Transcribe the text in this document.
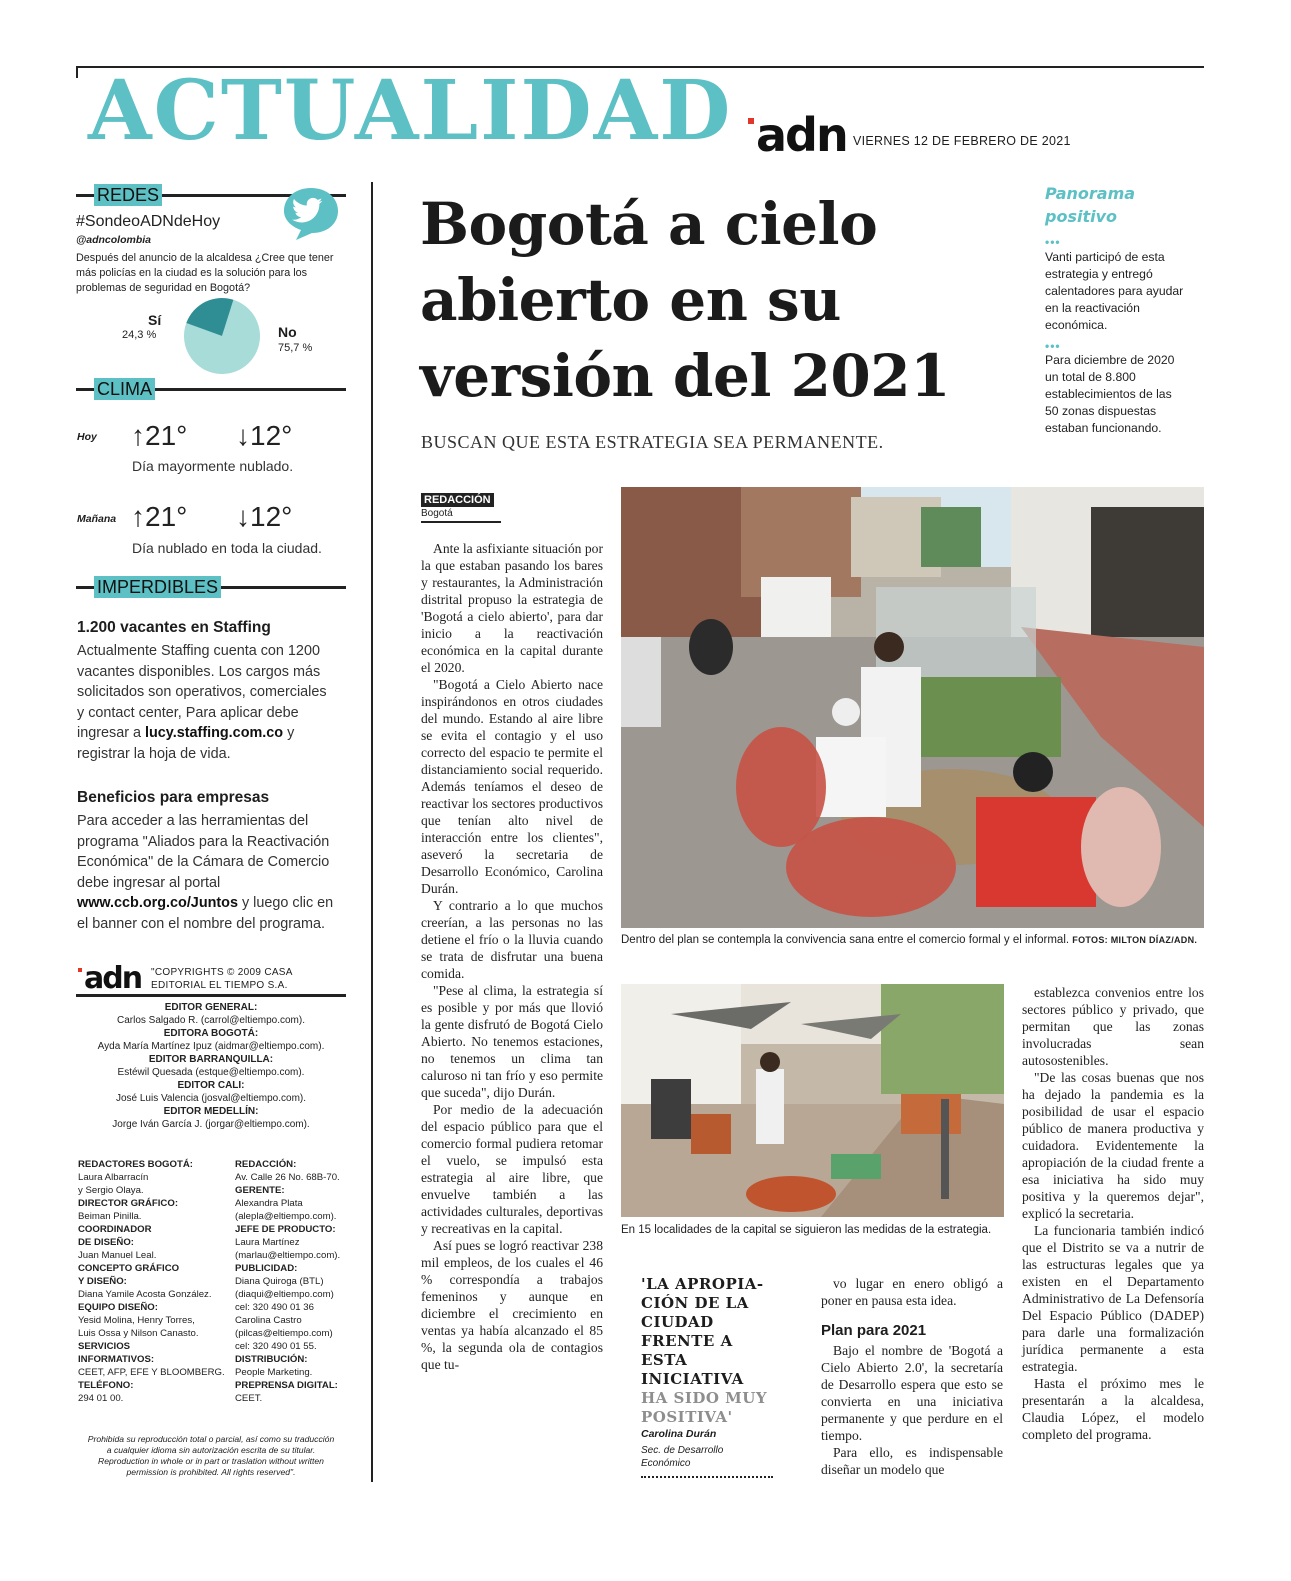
ACTUALIDAD adn VIERNES 12 DE FEBRERO DE 2021
REDES
#SondeoADNdeHoy
@adncolombia
Después del anuncio de la alcaldesa ¿Cree que tener más policías en la ciudad es la solución para los problemas de seguridad en Bogotá?
Sí
24,3 %	No
75,7 %
CLIMA
Hoy ↑21° ↓12°
Día mayormente nublado.
Mañana ↑21° ↓12°
Día nublado en toda la ciudad.
IMPERDIBLES
1.200 vacantes en Staffing
Actualmente Staffing cuenta con 1200
vacantes disponibles. Los cargos más
solicitados son operativos, comerciales
y contact center, Para aplicar debe
ingresar a lucy.staffing.com.co y
registrar la hoja de vida.
Beneficios para empresas
Para acceder a las herramientas del
programa "Aliados para la Reactivación
Económica" de la Cámara de Comercio
debe ingresar al portal
www.ccb.org.co/Juntos y luego clic en
el banner con el nombre del programa.
adn "COPYRIGHTS © 2009 CASA
EDITORIAL EL TIEMPO S.A.
EDITOR GENERAL:
Carlos Salgado R. (carrol@eltiempo.com).
EDITORA BOGOTÁ:
Ayda María Martínez Ipuz (aidmar@eltiempo.com).
EDITOR BARRANQUILLA:
Estéwil Quesada (estque@eltiempo.com).
EDITOR CALI:
José Luis Valencia (josval@eltiempo.com).
EDITOR MEDELLÍN:
Jorge Iván García J. (jorgar@eltiempo.com).
REDACTORES BOGOTÁ:
Laura Albarracín
y Sergio Olaya.
DIRECTOR GRÁFICO:
Beiman Pinilla.
COORDINADOR
DE DISEÑO:
Juan Manuel Leal.
CONCEPTO GRÁFICO
Y DISEÑO:
Diana Yamile Acosta González.
EQUIPO DISEÑO:
Yesid Molina, Henry Torres,
Luis Ossa y Nilson Canasto.
SERVICIOS
INFORMATIVOS:
CEET, AFP, EFE Y BLOOMBERG.
TELÉFONO:
294 01 00.
REDACCIÓN:
Av. Calle 26 No. 68B-70.
GERENTE:
Alexandra Plata
(alepla@eltiempo.com).
JEFE DE PRODUCTO:
Laura Martínez
(marlau@eltiempo.com).
PUBLICIDAD:
Diana Quiroga (BTL)
(diaqui@eltiempo.com)
cel: 320 490 01 36
Carolina Castro
(pilcas@eltiempo.com)
cel: 320 490 01 55.
DISTRIBUCIÓN:
People Marketing.
PREPRENSA DIGITAL:
CEET.
Prohibida su reproducción total o parcial, así como su traducción
a cualquier idioma sin autorización escrita de su titular.
Reproduction in whole or in part or traslation without written
permission is prohibited. All rights reserved".
Bogotá a cielo
abierto en su
versión del 2021
BUSCAN QUE ESTA ESTRATEGIA SEA PERMANENTE.
Panorama
positivo
•••
Vanti participó de esta estrategia y entregó calentadores para ayudar en la reactivación económica.
•••
Para diciembre de 2020 un total de 8.800 establecimientos de las 50 zonas dispuestas estaban funcionando.
REDACCIÓN
Bogotá

Ante la asfixiante situación por la que estaban pasando los bares y restaurantes, la Administración distrital propuso la estrategia de 'Bogotá a cielo abierto', para dar inicio a la reactivación económica en la capital durante el 2020.

"Bogotá a Cielo Abierto nace inspirándonos en otros ciudades del mundo. Estando al aire libre se evita el contagio y el uso correcto del espacio te permite el distanciamiento social requerido. Además teníamos el deseo de reactivar los sectores productivos que tenían alto nivel de interacción entre los clientes", aseveró la secretaria de Desarrollo Económico, Carolina Durán.

Y contrario a lo que muchos creerían, a las personas no las detiene el frío o la lluvia cuando se trata de disfrutar una buena comida.

"Pese al clima, la estrategia sí es posible y por más que llovió la gente disfrutó de Bogotá Cielo Abierto. No tenemos estaciones, no tenemos un clima tan caluroso ni tan frío y eso permite que suceda", dijo Durán.

Por medio de la adecuación del espacio público para que el comercio formal pudiera retomar el vuelo, se impulsó esta estrategia al aire libre, que envuelve también a las actividades culturales, deportivas y recreativas en la capital.

Así pues se logró reactivar 238 mil empleos, de los cuales el 46 % correspondía a trabajos femeninos y aunque en diciembre el crecimiento en ventas ya había alcanzado el 85 %, la segunda ola de contagios que tu-

Dentro del plan se contempla la convivencia sana entre el comercio formal y el informal. FOTOS: MILTON DÍAZ/ADN.
En 15 localidades de la capital se siguieron las medidas de la estrategia.
'LA APROPIA-
CIÓN DE LA
CIUDAD
FRENTE A
ESTA
INICIATIVA
HA SIDO MUY
POSITIVA'
Carolina Durán
Sec. de Desarrollo
Económico

vo lugar en enero obligó a poner en pausa esta idea.

Plan para 2021

Bajo el nombre de 'Bogotá a Cielo Abierto 2.0', la secretaría de Desarrollo espera que esto se convierta en una iniciativa permanente y que perdure en el tiempo.

Para ello, es indispensable diseñar un modelo que

establezca convenios entre los sectores público y privado, que permitan que las zonas involucradas sean autosostenibles.

"De las cosas buenas que nos ha dejado la pandemia es la posibilidad de usar el espacio público de manera productiva y cuidadora. Evidentemente la apropiación de la ciudad frente a esa iniciativa ha sido muy positiva y la queremos dejar", explicó la secretaria.

La funcionaria también indicó que el Distrito se va a nutrir de las estructuras legales que ya existen en el Departamento Administrativo de La Defensoría Del Espacio Público (DADEP) para darle una formalización jurídica permanente a esta estrategia.

Hasta el próximo mes le presentarán a la alcaldesa, Claudia López, el modelo completo del programa.
